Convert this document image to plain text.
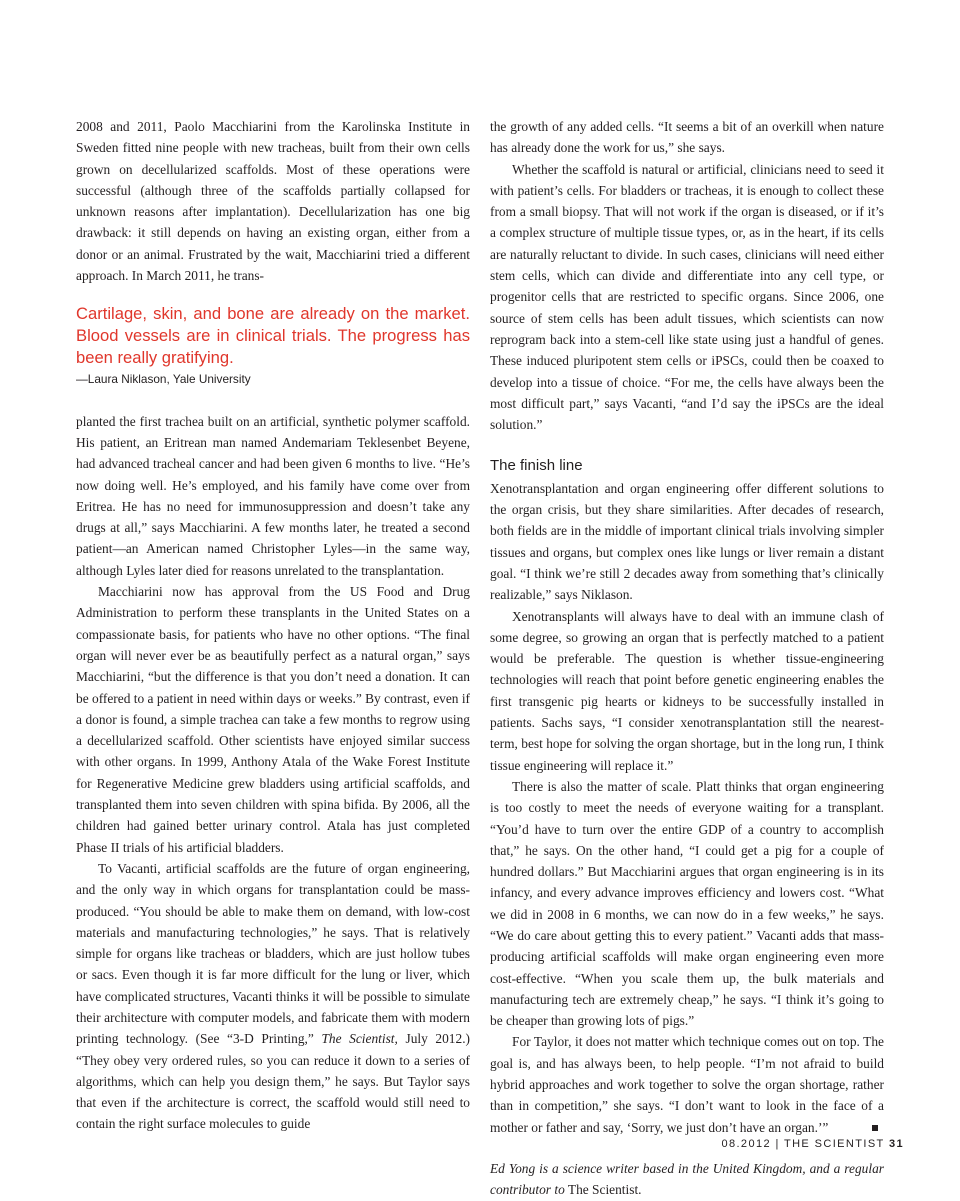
2008 and 2011, Paolo Macchiarini from the Karolinska Institute in Sweden fitted nine people with new tracheas, built from their own cells grown on decellularized scaffolds. Most of these operations were successful (although three of the scaffolds partially collapsed for unknown reasons after implantation). Decellularization has one big drawback: it still depends on having an existing organ, either from a donor or an animal. Frustrated by the wait, Macchiarini tried a different approach. In March 2011, he trans-

Cartilage, skin, and bone are already on the market. Blood vessels are in clinical trials. The progress has been really gratifying.

—Laura Niklason, Yale University

planted the first trachea built on an artificial, synthetic polymer scaffold. His patient, an Eritrean man named Andemariam Teklesenbet Beyene, had advanced tracheal cancer and had been given 6 months to live. “He’s now doing well. He’s employed, and his family have come over from Eritrea. He has no need for immunosuppression and doesn’t take any drugs at all,” says Macchiarini. A few months later, he treated a second patient—an American named Christopher Lyles—in the same way, although Lyles later died for reasons unrelated to the transplantation.

Macchiarini now has approval from the US Food and Drug Administration to perform these transplants in the United States on a compassionate basis, for patients who have no other options. “The final organ will never ever be as beautifully perfect as a natural organ,” says Macchiarini, “but the difference is that you don’t need a donation. It can be offered to a patient in need within days or weeks.” By contrast, even if a donor is found, a simple trachea can take a few months to regrow using a decellularized scaffold. Other scientists have enjoyed similar success with other organs. In 1999, Anthony Atala of the Wake Forest Institute for Regenerative Medicine grew bladders using artificial scaffolds, and transplanted them into seven children with spina bifida. By 2006, all the children had gained better urinary control. Atala has just completed Phase II trials of his artificial bladders.

To Vacanti, artificial scaffolds are the future of organ engineering, and the only way in which organs for transplantation could be mass-produced. “You should be able to make them on demand, with low-cost materials and manufacturing technologies,” he says. That is relatively simple for organs like tracheas or bladders, which are just hollow tubes or sacs. Even though it is far more difficult for the lung or liver, which have complicated structures, Vacanti thinks it will be possible to simulate their architecture with computer models, and fabricate them with modern printing technology. (See “3-D Printing,” The Scientist, July 2012.) “They obey very ordered rules, so you can reduce it down to a series of algorithms, which can help you design them,” he says. But Taylor says that even if the architecture is correct, the scaffold would still need to contain the right surface molecules to guide

the growth of any added cells. “It seems a bit of an overkill when nature has already done the work for us,” she says.

Whether the scaffold is natural or artificial, clinicians need to seed it with patient’s cells. For bladders or tracheas, it is enough to collect these from a small biopsy. That will not work if the organ is diseased, or if it’s a complex structure of multiple tissue types, or, as in the heart, if its cells are naturally reluctant to divide. In such cases, clinicians will need either stem cells, which can divide and differentiate into any cell type, or progenitor cells that are restricted to specific organs. Since 2006, one source of stem cells has been adult tissues, which scientists can now reprogram back into a stem-cell like state using just a handful of genes. These induced pluripotent stem cells or iPSCs, could then be coaxed to develop into a tissue of choice. “For me, the cells have always been the most difficult part,” says Vacanti, “and I’d say the iPSCs are the ideal solution.”

The finish line

Xenotransplantation and organ engineering offer different solutions to the organ crisis, but they share similarities. After decades of research, both fields are in the middle of important clinical trials involving simpler tissues and organs, but complex ones like lungs or liver remain a distant goal. “I think we’re still 2 decades away from something that’s clinically realizable,” says Niklason.

Xenotransplants will always have to deal with an immune clash of some degree, so growing an organ that is perfectly matched to a patient would be preferable. The question is whether tissue-engineering technologies will reach that point before genetic engineering enables the first transgenic pig hearts or kidneys to be successfully installed in patients. Sachs says, “I consider xenotransplantation still the nearest-term, best hope for solving the organ shortage, but in the long run, I think tissue engineering will replace it.”

There is also the matter of scale. Platt thinks that organ engineering is too costly to meet the needs of everyone waiting for a transplant. “You’d have to turn over the entire GDP of a country to accomplish that,” he says. On the other hand, “I could get a pig for a couple of hundred dollars.” But Macchiarini argues that organ engineering is in its infancy, and every advance improves efficiency and lowers cost. “What we did in 2008 in 6 months, we can now do in a few weeks,” he says. “We do care about getting this to every patient.” Vacanti adds that mass-producing artificial scaffolds will make organ engineering even more cost-effective. “When you scale them up, the bulk materials and manufacturing tech are extremely cheap,” he says. “I think it’s going to be cheaper than growing lots of pigs.”

For Taylor, it does not matter which technique comes out on top. The goal is, and has always been, to help people. “I’m not afraid to build hybrid approaches and work together to solve the organ shortage, rather than in competition,” she says. “I don’t want to look in the face of a mother or father and say, ‘Sorry, we just don’t have an organ.’”

Ed Yong is a science writer based in the United Kingdom, and a regular contributor to The Scientist.

08.2012 | THE SCIENTIST 31
